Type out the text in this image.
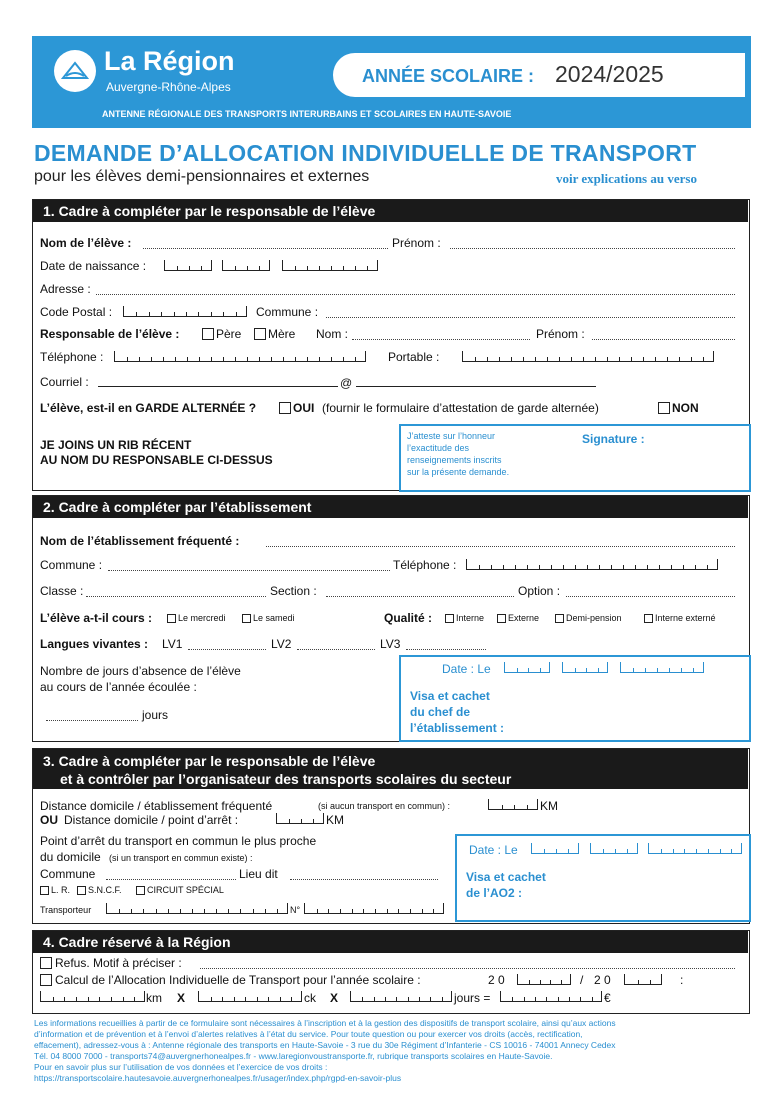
La Région
Auvergne-Rhône-Alpes
ANNÉE SCOLAIRE : 2024/2025
ANTENNE RÉGIONALE DES TRANSPORTS INTERURBAINS ET SCOLAIRES EN HAUTE-SAVOIE
DEMANDE D’ALLOCATION INDIVIDUELLE DE TRANSPORT
pour les élèves demi-pensionnaires et externes	voir explications au verso
1. Cadre à compléter par le responsable de l’élève
Nom de l’élève :	Prénom :
Date de naissance :
Adresse :
Code Postal :	Commune :
Responsable de l’élève :	Père Mère Nom :	Prénom :
Téléphone :	Portable :
Courriel :	@
L’élève, est-il en GARDE ALTERNÉE ?	OUI (fournir le formulaire d’attestation de garde alternée)	NON
JE JOINS UN RIB RÉCENT
AU NOM DU RESPONSABLE CI-DESSUS
J’atteste sur l’honneur
l’exactitude des
renseignements inscrits
sur la présente demande.
Signature :
2. Cadre à compléter par l’établissement
Nom de l’établissement fréquenté :
Commune :	Téléphone :
Classe :	Section :	Option :
L’élève a-t-il cours :	Le mercredi	Le samedi	Qualité :	Interne	Externe	Demi-pension	Interne externé
Langues vivantes : LV1	LV2	LV3
Nombre de jours d’absence de l’élève
au cours de l’année écoulée :
jours
Date : Le
Visa et cachet
du chef de
l’établissement :
3. Cadre à compléter par le responsable de l’élève
et à contrôler par l’organisateur des transports scolaires du secteur
Distance domicile / établissement fréquenté	(si aucun transport en commun) :	KM
OU Distance domicile / point d’arrêt :	KM
Point d’arrêt du transport en commun le plus proche
du domicile (si un transport en commun existe) :
Commune	Lieu dit
L. R. S.N.C.F.	CIRCUIT SPÉCIAL
Transporteur	N°
Date : Le
Visa et cachet
de l’AO2 :
4. Cadre réservé à la Région
Refus. Motif à préciser :
Calcul de l’Allocation Individuelle de Transport pour l’année scolaire :	2 0	/ 2 0	:
km X	ck X	jours =	€
Les informations recueillies à partir de ce formulaire sont nécessaires à l’inscription et à la gestion des dispositifs de transport scolaire, ainsi qu’aux actions
d’information et de prévention et à l’envoi d’alertes relatives à l’état du service. Pour toute question ou pour exercer vos droits (accès, rectification,
effacement), adressez-vous à : Antenne régionale des transports en Haute-Savoie - 3 rue du 30e Régiment d’Infanterie - CS 10016 - 74001 Annecy Cedex
Tél. 04 8000 7000 - transports74@auvergnerhonealpes.fr - www.laregionvoustransporte.fr, rubrique transports scolaires en Haute-Savoie.
Pour en savoir plus sur l’utilisation de vos données et l’exercice de vos droits :
https://transportscolaire.hautesavoie.auvergnerhonealpes.fr/usager/index.php/rgpd-en-savoir-plus
